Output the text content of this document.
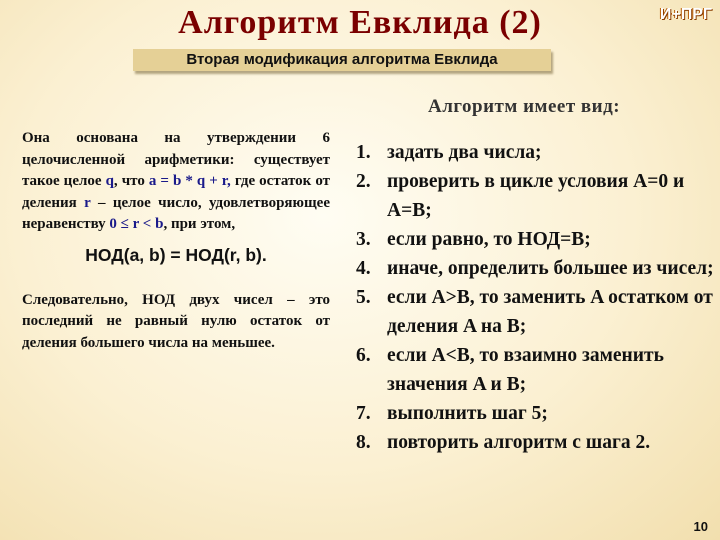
Алгоритм Евклида (2)	И+ПРГ
Вторая модификация алгоритма Евклида
Алгоритм имеет вид:

Она основана на утверждении 6 целочисленной арифметики: существует такое целое q, что a = b * q + r, где остаток от деления r – целое число, удовлетворяющее неравенству 0 ≤ r < b, при этом,

НОД(a, b) = НОД(r, b).

Следовательно, НОД двух чисел – это последний не равный нулю остаток от деления большего числа на меньшее.

1. задать два числа;
2. проверить в цикле условия A=0 и A=B;
3. если равно, то НОД=B;
4. иначе, определить большее из чисел;
5. если A>B, то заменить A остатком от деления A на B;
6. если A<B, то взаимно заменить значения A и B;
7. выполнить шаг 5;
8. повторить алгоритм с шага 2.
10
